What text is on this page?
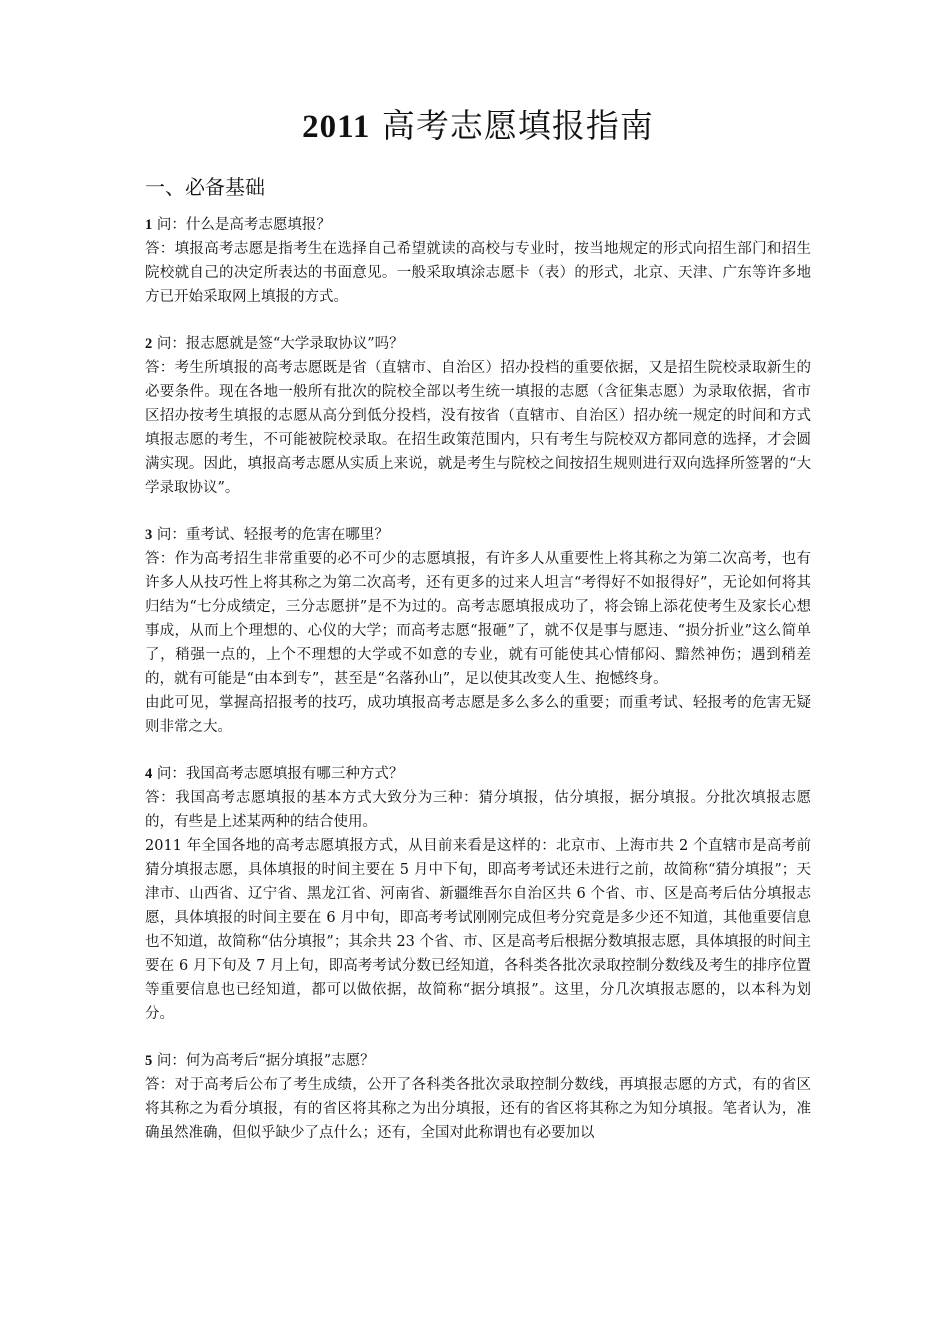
2011 高考志愿填报指南
一、必备基础

1 问：什么是高考志愿填报？

答：填报高考志愿是指考生在选择自己希望就读的高校与专业时，按当地规定的形式向招生部门和招生院校就自己的决定所表达的书面意见。一般采取填涂志愿卡（表）的形式，北京、天津、广东等许多地方已开始采取网上填报的方式。

2 问：报志愿就是签“大学录取协议”吗？

答：考生所填报的高考志愿既是省（直辖市、自治区）招办投档的重要依据，又是招生院校录取新生的必要条件。现在各地一般所有批次的院校全部以考生统一填报的志愿（含征集志愿）为录取依据，省市区招办按考生填报的志愿从高分到低分投档，没有按省（直辖市、自治区）招办统一规定的时间和方式填报志愿的考生，不可能被院校录取。在招生政策范围内，只有考生与院校双方都同意的选择，才会圆满实现。因此，填报高考志愿从实质上来说，就是考生与院校之间按招生规则进行双向选择所签署的“大学录取协议”。

3 问：重考试、轻报考的危害在哪里？

答：作为高考招生非常重要的必不可少的志愿填报，有许多人从重要性上将其称之为第二次高考，也有许多人从技巧性上将其称之为第二次高考，还有更多的过来人坦言“考得好不如报得好”，无论如何将其归结为“七分成绩定，三分志愿拼”是不为过的。高考志愿填报成功了，将会锦上添花使考生及家长心想事成，从而上个理想的、心仪的大学；而高考志愿“报砸”了，就不仅是事与愿违、“损分折业”这么简单了，稍强一点的，上个不理想的大学或不如意的专业，就有可能使其心情郁闷、黯然神伤；遇到稍差的，就有可能是“由本到专”，甚至是“名落孙山”，足以使其改变人生、抱憾终身。

由此可见，掌握高招报考的技巧，成功填报高考志愿是多么多么的重要；而重考试、轻报考的危害无疑则非常之大。

4 问：我国高考志愿填报有哪三种方式？

答：我国高考志愿填报的基本方式大致分为三种：猜分填报，估分填报，据分填报。分批次填报志愿的，有些是上述某两种的结合使用。

2011 年全国各地的高考志愿填报方式，从目前来看是这样的：北京市、上海市共 2 个直辖市是高考前猜分填报志愿，具体填报的时间主要在 5 月中下旬，即高考考试还未进行之前，故简称“猜分填报”；天津市、山西省、辽宁省、黑龙江省、河南省、新疆维吾尔自治区共 6 个省、市、区是高考后估分填报志愿，具体填报的时间主要在 6 月中旬，即高考考试刚刚完成但考分究竟是多少还不知道，其他重要信息也不知道，故简称“估分填报”；其余共 23 个省、市、区是高考后根据分数填报志愿，具体填报的时间主要在 6 月下旬及 7 月上旬，即高考考试分数已经知道，各科类各批次录取控制分数线及考生的排序位置等重要信息也已经知道，都可以做依据，故简称“据分填报”。这里，分几次填报志愿的，以本科为划分。

5 问：何为高考后“据分填报”志愿？

答：对于高考后公布了考生成绩，公开了各科类各批次录取控制分数线，再填报志愿的方式，有的省区将其称之为看分填报，有的省区将其称之为出分填报，还有的省区将其称之为知分填报。笔者认为，准确虽然准确，但似乎缺少了点什么；还有，全国对此称谓也有必要加以
